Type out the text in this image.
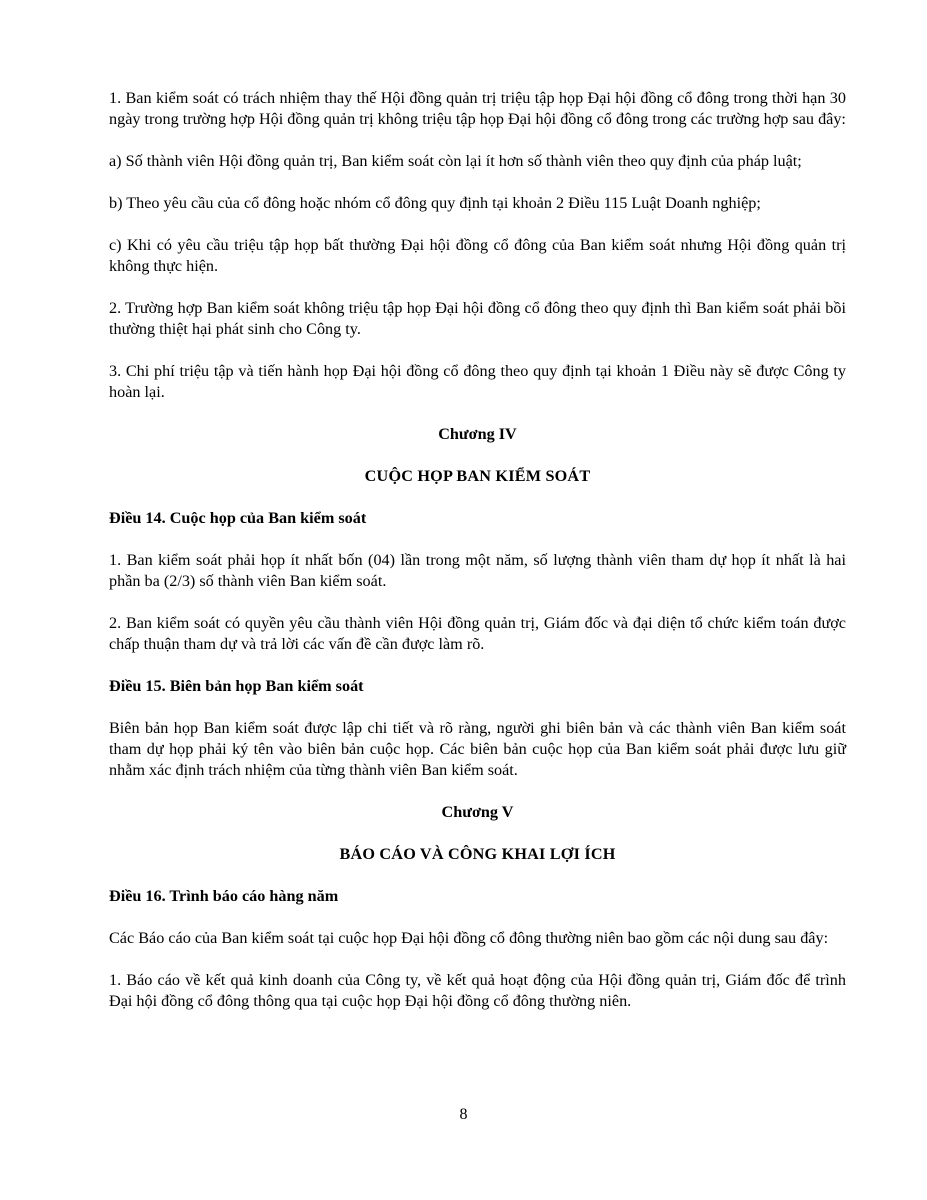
1. Ban kiểm soát có trách nhiệm thay thế Hội đồng quản trị triệu tập họp Đại hội đồng cổ đông trong thời hạn 30 ngày trong trường hợp Hội đồng quản trị không triệu tập họp Đại hội đồng cổ đông trong các trường hợp sau đây:

a) Số thành viên Hội đồng quản trị, Ban kiểm soát còn lại ít hơn số thành viên theo quy định của pháp luật;

b) Theo yêu cầu của cổ đông hoặc nhóm cổ đông quy định tại khoản 2 Điều 115 Luật Doanh nghiệp;

c) Khi có yêu cầu triệu tập họp bất thường Đại hội đồng cổ đông của Ban kiểm soát nhưng Hội đồng quản trị không thực hiện.

2. Trường hợp Ban kiểm soát không triệu tập họp Đại hội đồng cổ đông theo quy định thì Ban kiểm soát phải bồi thường thiệt hại phát sinh cho Công ty.

3. Chi phí triệu tập và tiến hành họp Đại hội đồng cổ đông theo quy định tại khoản 1 Điều này sẽ được Công ty hoàn lại.

Chương IV

CUỘC HỌP BAN KIỂM SOÁT

Điều 14. Cuộc họp của Ban kiểm soát

1. Ban kiểm soát phải họp ít nhất bốn (04) lần trong một năm, số lượng thành viên tham dự họp ít nhất là hai phần ba (2/3) số thành viên Ban kiểm soát.

2. Ban kiểm soát có quyền yêu cầu thành viên Hội đồng quản trị, Giám đốc và đại diện tổ chức kiểm toán được chấp thuận tham dự và trả lời các vấn đề cần được làm rõ.

Điều 15. Biên bản họp Ban kiểm soát

Biên bản họp Ban kiểm soát được lập chi tiết và rõ ràng, người ghi biên bản và các thành viên Ban kiểm soát tham dự họp phải ký tên vào biên bản cuộc họp. Các biên bản cuộc họp của Ban kiểm soát phải được lưu giữ nhằm xác định trách nhiệm của từng thành viên Ban kiểm soát.

Chương V

BÁO CÁO VÀ CÔNG KHAI LỢI ÍCH

Điều 16. Trình báo cáo hàng năm

Các Báo cáo của Ban kiểm soát tại cuộc họp Đại hội đồng cổ đông thường niên bao gồm các nội dung sau đây:

1. Báo cáo về kết quả kinh doanh của Công ty, về kết quả hoạt động của Hội đồng quản trị, Giám đốc để trình Đại hội đồng cổ đông thông qua tại cuộc họp Đại hội đồng cổ đông thường niên.

8
